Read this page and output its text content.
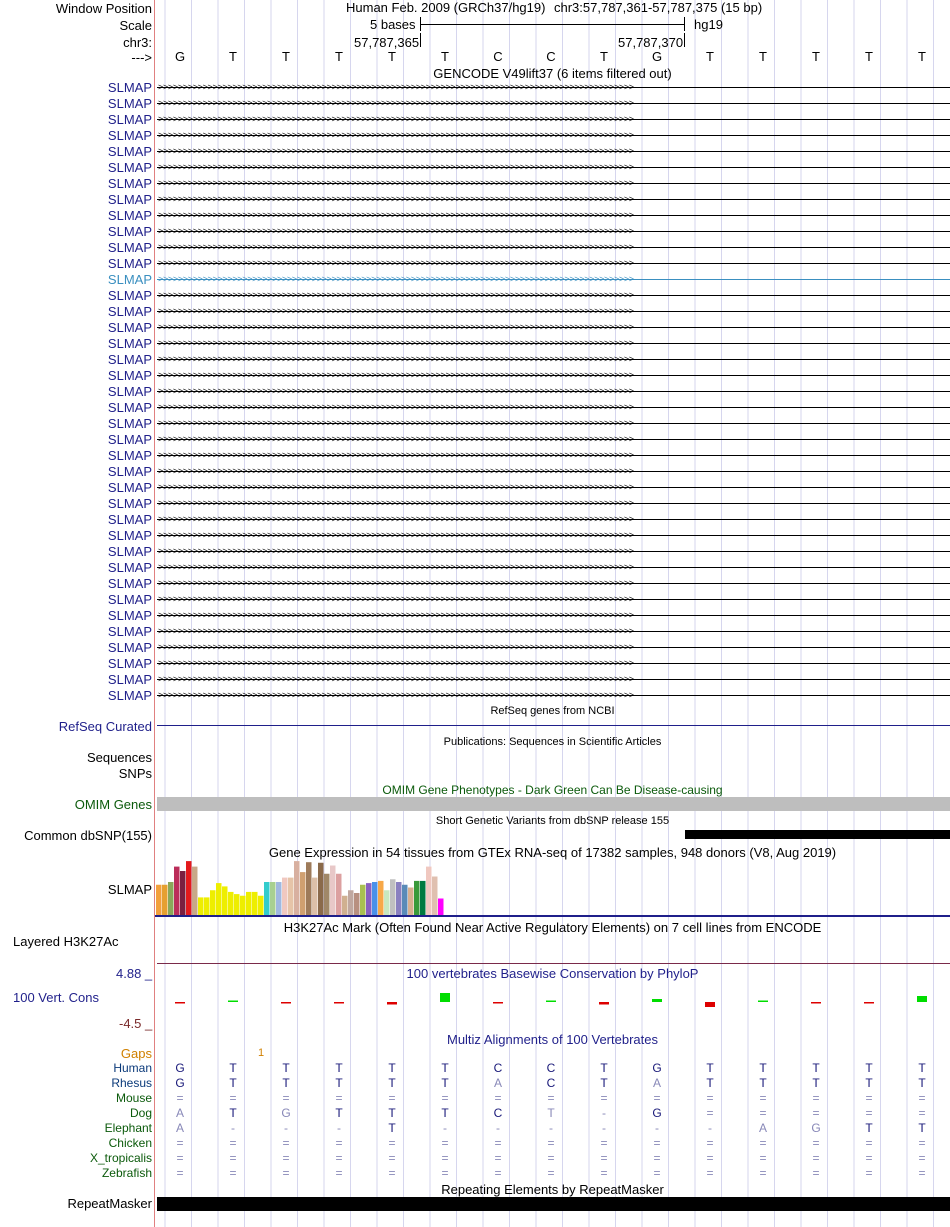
Window Position	Human Feb. 2009 (GRCh37/hg19) chr3:57,787,361-57,787,375 (15 bp)
Scale	5 bases	hg19
chr3:	57,787,365	57,787,370
--->	G	T	T	T	T	T	C	C	T	G	T	T	T	T	T
GENCODE V49lift37 (6 items filtered out)
SLMAP >>>>>>>>>>>>>>>>>>>>>>>>>>>>>>>>>>>>>>>>>>>>>>>>>>>>>>>>>>>>>>>>>>>>>>>>>>>>>>>>>>>>>>>>>>>>>>>>
SLMAP >>>>>>>>>>>>>>>>>>>>>>>>>>>>>>>>>>>>>>>>>>>>>>>>>>>>>>>>>>>>>>>>>>>>>>>>>>>>>>>>>>>>>>>>>>>>>>>>
SLMAP >>>>>>>>>>>>>>>>>>>>>>>>>>>>>>>>>>>>>>>>>>>>>>>>>>>>>>>>>>>>>>>>>>>>>>>>>>>>>>>>>>>>>>>>>>>>>>>>
SLMAP >>>>>>>>>>>>>>>>>>>>>>>>>>>>>>>>>>>>>>>>>>>>>>>>>>>>>>>>>>>>>>>>>>>>>>>>>>>>>>>>>>>>>>>>>>>>>>>>
SLMAP >>>>>>>>>>>>>>>>>>>>>>>>>>>>>>>>>>>>>>>>>>>>>>>>>>>>>>>>>>>>>>>>>>>>>>>>>>>>>>>>>>>>>>>>>>>>>>>>
SLMAP >>>>>>>>>>>>>>>>>>>>>>>>>>>>>>>>>>>>>>>>>>>>>>>>>>>>>>>>>>>>>>>>>>>>>>>>>>>>>>>>>>>>>>>>>>>>>>>>
SLMAP >>>>>>>>>>>>>>>>>>>>>>>>>>>>>>>>>>>>>>>>>>>>>>>>>>>>>>>>>>>>>>>>>>>>>>>>>>>>>>>>>>>>>>>>>>>>>>>>
SLMAP >>>>>>>>>>>>>>>>>>>>>>>>>>>>>>>>>>>>>>>>>>>>>>>>>>>>>>>>>>>>>>>>>>>>>>>>>>>>>>>>>>>>>>>>>>>>>>>>
SLMAP >>>>>>>>>>>>>>>>>>>>>>>>>>>>>>>>>>>>>>>>>>>>>>>>>>>>>>>>>>>>>>>>>>>>>>>>>>>>>>>>>>>>>>>>>>>>>>>>
SLMAP >>>>>>>>>>>>>>>>>>>>>>>>>>>>>>>>>>>>>>>>>>>>>>>>>>>>>>>>>>>>>>>>>>>>>>>>>>>>>>>>>>>>>>>>>>>>>>>>
SLMAP >>>>>>>>>>>>>>>>>>>>>>>>>>>>>>>>>>>>>>>>>>>>>>>>>>>>>>>>>>>>>>>>>>>>>>>>>>>>>>>>>>>>>>>>>>>>>>>>
SLMAP >>>>>>>>>>>>>>>>>>>>>>>>>>>>>>>>>>>>>>>>>>>>>>>>>>>>>>>>>>>>>>>>>>>>>>>>>>>>>>>>>>>>>>>>>>>>>>>>
SLMAP >>>>>>>>>>>>>>>>>>>>>>>>>>>>>>>>>>>>>>>>>>>>>>>>>>>>>>>>>>>>>>>>>>>>>>>>>>>>>>>>>>>>>>>>>>>>>>>>
SLMAP >>>>>>>>>>>>>>>>>>>>>>>>>>>>>>>>>>>>>>>>>>>>>>>>>>>>>>>>>>>>>>>>>>>>>>>>>>>>>>>>>>>>>>>>>>>>>>>>
SLMAP >>>>>>>>>>>>>>>>>>>>>>>>>>>>>>>>>>>>>>>>>>>>>>>>>>>>>>>>>>>>>>>>>>>>>>>>>>>>>>>>>>>>>>>>>>>>>>>>
SLMAP >>>>>>>>>>>>>>>>>>>>>>>>>>>>>>>>>>>>>>>>>>>>>>>>>>>>>>>>>>>>>>>>>>>>>>>>>>>>>>>>>>>>>>>>>>>>>>>>
SLMAP >>>>>>>>>>>>>>>>>>>>>>>>>>>>>>>>>>>>>>>>>>>>>>>>>>>>>>>>>>>>>>>>>>>>>>>>>>>>>>>>>>>>>>>>>>>>>>>>
SLMAP >>>>>>>>>>>>>>>>>>>>>>>>>>>>>>>>>>>>>>>>>>>>>>>>>>>>>>>>>>>>>>>>>>>>>>>>>>>>>>>>>>>>>>>>>>>>>>>>
SLMAP >>>>>>>>>>>>>>>>>>>>>>>>>>>>>>>>>>>>>>>>>>>>>>>>>>>>>>>>>>>>>>>>>>>>>>>>>>>>>>>>>>>>>>>>>>>>>>>>
SLMAP >>>>>>>>>>>>>>>>>>>>>>>>>>>>>>>>>>>>>>>>>>>>>>>>>>>>>>>>>>>>>>>>>>>>>>>>>>>>>>>>>>>>>>>>>>>>>>>>
SLMAP >>>>>>>>>>>>>>>>>>>>>>>>>>>>>>>>>>>>>>>>>>>>>>>>>>>>>>>>>>>>>>>>>>>>>>>>>>>>>>>>>>>>>>>>>>>>>>>>
SLMAP >>>>>>>>>>>>>>>>>>>>>>>>>>>>>>>>>>>>>>>>>>>>>>>>>>>>>>>>>>>>>>>>>>>>>>>>>>>>>>>>>>>>>>>>>>>>>>>>
SLMAP >>>>>>>>>>>>>>>>>>>>>>>>>>>>>>>>>>>>>>>>>>>>>>>>>>>>>>>>>>>>>>>>>>>>>>>>>>>>>>>>>>>>>>>>>>>>>>>>
SLMAP >>>>>>>>>>>>>>>>>>>>>>>>>>>>>>>>>>>>>>>>>>>>>>>>>>>>>>>>>>>>>>>>>>>>>>>>>>>>>>>>>>>>>>>>>>>>>>>>
SLMAP >>>>>>>>>>>>>>>>>>>>>>>>>>>>>>>>>>>>>>>>>>>>>>>>>>>>>>>>>>>>>>>>>>>>>>>>>>>>>>>>>>>>>>>>>>>>>>>>
SLMAP >>>>>>>>>>>>>>>>>>>>>>>>>>>>>>>>>>>>>>>>>>>>>>>>>>>>>>>>>>>>>>>>>>>>>>>>>>>>>>>>>>>>>>>>>>>>>>>>
SLMAP >>>>>>>>>>>>>>>>>>>>>>>>>>>>>>>>>>>>>>>>>>>>>>>>>>>>>>>>>>>>>>>>>>>>>>>>>>>>>>>>>>>>>>>>>>>>>>>>
SLMAP >>>>>>>>>>>>>>>>>>>>>>>>>>>>>>>>>>>>>>>>>>>>>>>>>>>>>>>>>>>>>>>>>>>>>>>>>>>>>>>>>>>>>>>>>>>>>>>>
SLMAP >>>>>>>>>>>>>>>>>>>>>>>>>>>>>>>>>>>>>>>>>>>>>>>>>>>>>>>>>>>>>>>>>>>>>>>>>>>>>>>>>>>>>>>>>>>>>>>>
SLMAP >>>>>>>>>>>>>>>>>>>>>>>>>>>>>>>>>>>>>>>>>>>>>>>>>>>>>>>>>>>>>>>>>>>>>>>>>>>>>>>>>>>>>>>>>>>>>>>>
SLMAP >>>>>>>>>>>>>>>>>>>>>>>>>>>>>>>>>>>>>>>>>>>>>>>>>>>>>>>>>>>>>>>>>>>>>>>>>>>>>>>>>>>>>>>>>>>>>>>>
SLMAP >>>>>>>>>>>>>>>>>>>>>>>>>>>>>>>>>>>>>>>>>>>>>>>>>>>>>>>>>>>>>>>>>>>>>>>>>>>>>>>>>>>>>>>>>>>>>>>>
SLMAP >>>>>>>>>>>>>>>>>>>>>>>>>>>>>>>>>>>>>>>>>>>>>>>>>>>>>>>>>>>>>>>>>>>>>>>>>>>>>>>>>>>>>>>>>>>>>>>>
SLMAP >>>>>>>>>>>>>>>>>>>>>>>>>>>>>>>>>>>>>>>>>>>>>>>>>>>>>>>>>>>>>>>>>>>>>>>>>>>>>>>>>>>>>>>>>>>>>>>>
SLMAP >>>>>>>>>>>>>>>>>>>>>>>>>>>>>>>>>>>>>>>>>>>>>>>>>>>>>>>>>>>>>>>>>>>>>>>>>>>>>>>>>>>>>>>>>>>>>>>>
SLMAP >>>>>>>>>>>>>>>>>>>>>>>>>>>>>>>>>>>>>>>>>>>>>>>>>>>>>>>>>>>>>>>>>>>>>>>>>>>>>>>>>>>>>>>>>>>>>>>>
SLMAP >>>>>>>>>>>>>>>>>>>>>>>>>>>>>>>>>>>>>>>>>>>>>>>>>>>>>>>>>>>>>>>>>>>>>>>>>>>>>>>>>>>>>>>>>>>>>>>>
SLMAP >>>>>>>>>>>>>>>>>>>>>>>>>>>>>>>>>>>>>>>>>>>>>>>>>>>>>>>>>>>>>>>>>>>>>>>>>>>>>>>>>>>>>>>>>>>>>>>>
SLMAP >>>>>>>>>>>>>>>>>>>>>>>>>>>>>>>>>>>>>>>>>>>>>>>>>>>>>>>>>>>>>>>>>>>>>>>>>>>>>>>>>>>>>>>>>>>>>>>>
RefSeq genes from NCBI
RefSeq Curated
Publications: Sequences in Scientific Articles
Sequences
SNPs
OMIM Gene Phenotypes - Dark Green Can Be Disease-causing
OMIM Genes
Short Genetic Variants from dbSNP release 155
Common dbSNP(155)
Gene Expression in 54 tissues from GTEx RNA-seq of 17382 samples, 948 donors (V8, Aug 2019)
SLMAP
H3K27Ac Mark (Often Found Near Active Regulatory Elements) on 7 cell lines from ENCODE
Layered H3K27Ac
100 vertebrates Basewise Conservation by PhyloP
4.88 _
100 Vert. Cons
-4.5 _
Multiz Alignments of 100 Vertebrates
Gaps	1
Human	G	T	T	T	T	T	C	C	T	G	T	T	T	T	T
Rhesus	G	T	T	T	T	T	A	C	T	A	T	T	T	T	T
Mouse	=	=	=	=	=	=	=	=	=	=	=	=	=	=	=
Dog	A	T	G	T	T	T	C	T	-	G	=	=	=	=	=
Elephant	A	-	-	-	T	-	-	-	-	-	-	A	G	T	T
Chicken	=	=	=	=	=	=	=	=	=	=	=	=	=	=	=
X_tropicalis	=	=	=	=	=	=	=	=	=	=	=	=	=	=	=
Zebrafish	=	=	=	=	=	=	=	=	=	=	=	=	=	=	=
Repeating Elements by RepeatMasker
RepeatMasker
